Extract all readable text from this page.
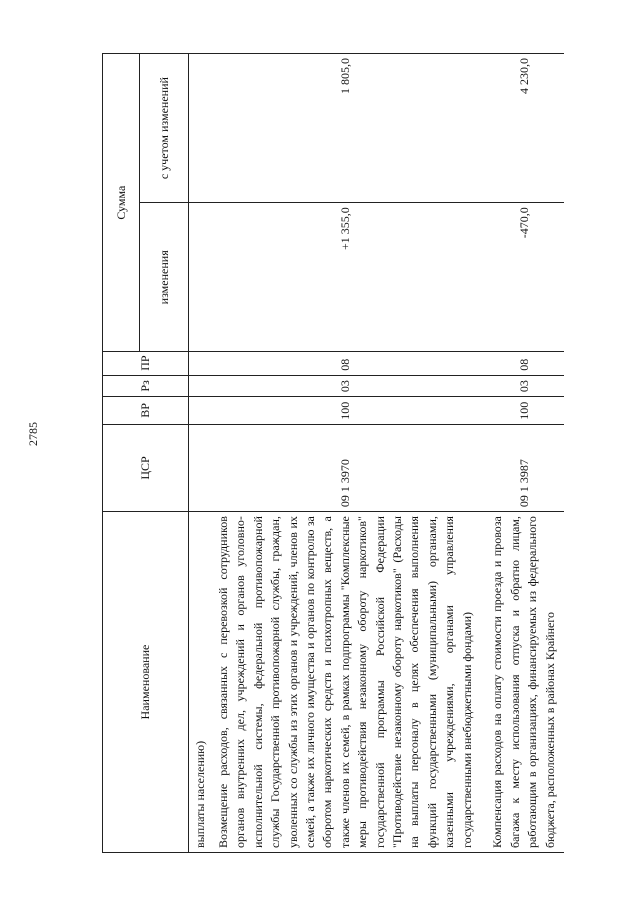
2785
Наименование	ЦСР	ВР	Рз	ПР	Сумма	
					изменения	с учетом изменений
выплаты населению)						
Возмещение расходов, связанных с перевозкой сотрудников органов внутренних дел, учреждений и органов уголовно-исполнительной системы, федеральной противопожарной службы Государственной противопожарной службы, граждан, уволенных со службы из этих органов и учреждений, членов их семей, а также их личного имущества и органов по контролю за оборотом наркотических средств и психотропных веществ, а также членов их семей, в рамках подпрограммы "Комплексные меры противодействия незаконному обороту наркотиков" государственной программы Российской Федерации "Противодействие незаконному обороту наркотиков" (Расходы на выплаты персоналу в целях обеспечения выполнения функций государственными (муниципальными) органами, казенными учреждениями, органами управления государственными внебюджетными фондами)	09 1 3970	100	03	08	+1 355,0	1 805,0

Компенсация расходов на оплату стоимости проезда и провоза багажа к месту использования отпуска и обратно лицам, работающим в организациях, финансируемых из федерального бюджета, расположенных в районах Крайнего	09 1 3987	100	03	08	-470,0	4 230,0
